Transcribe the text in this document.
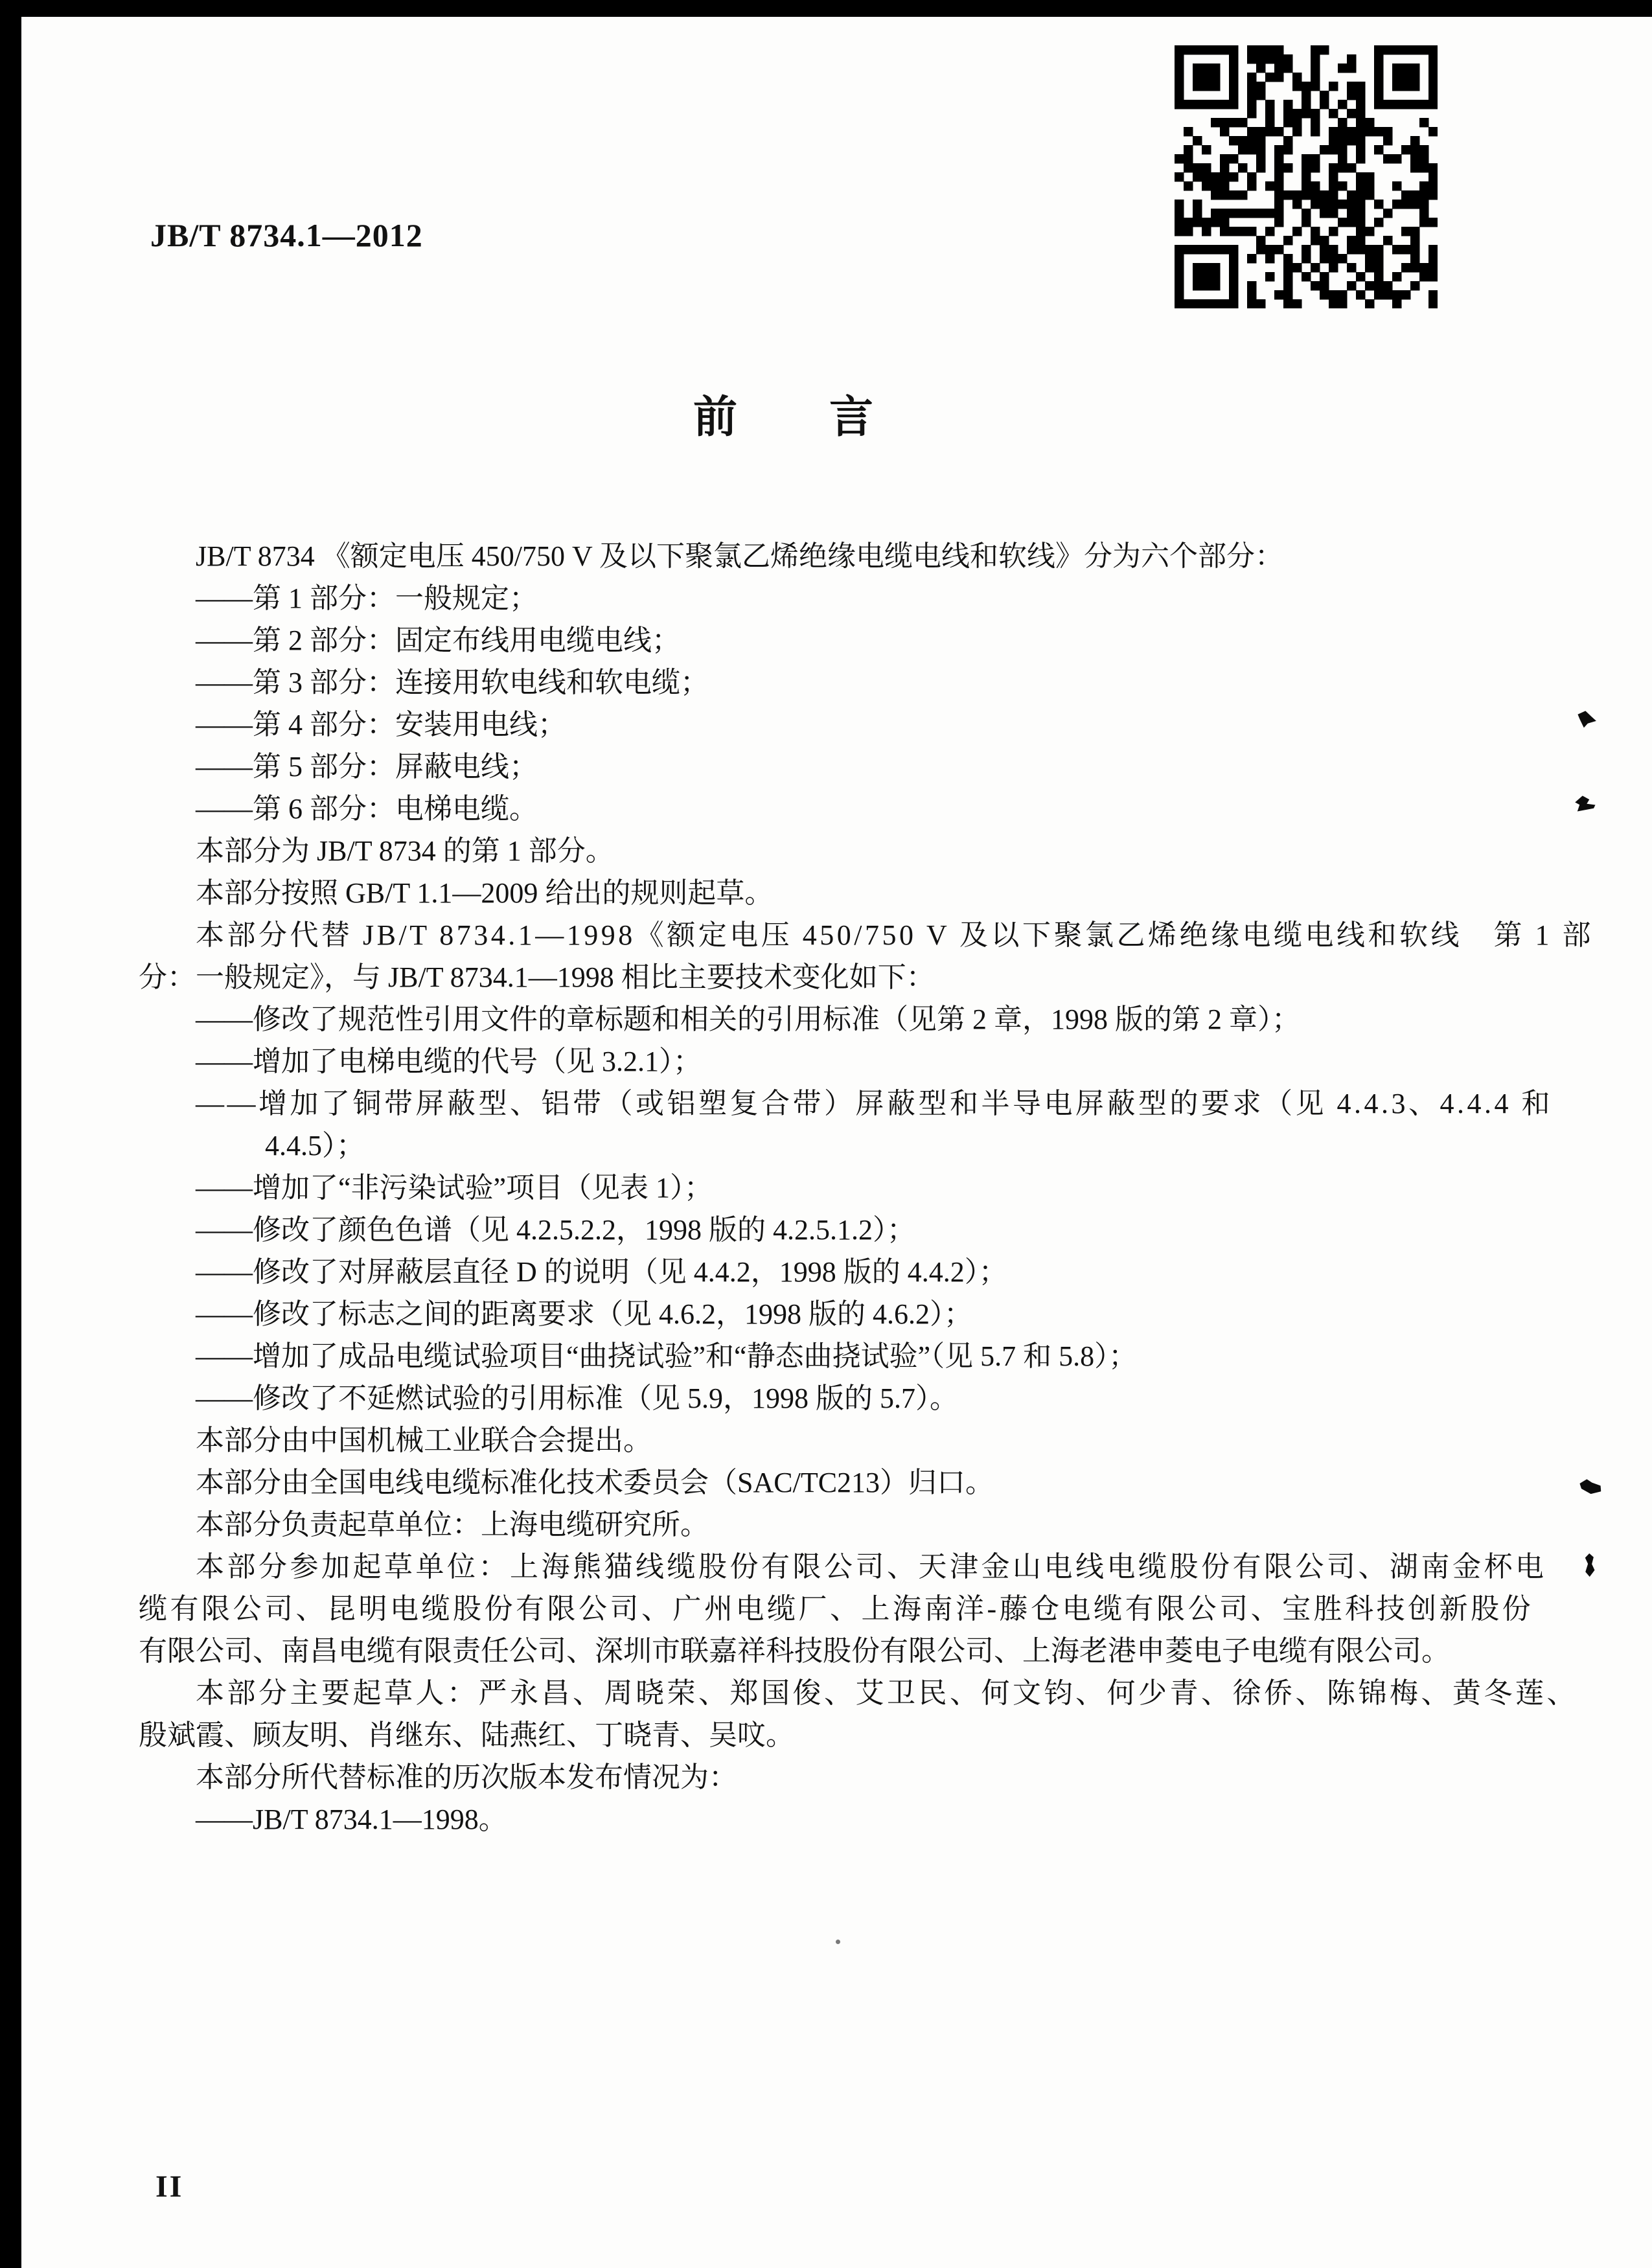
JB/T 8734.1—2012
前　　言

JB/T 8734 《额定电压 450/750 V 及以下聚氯乙烯绝缘电缆电线和软线》分为六个部分：

——第 1 部分：一般规定；

——第 2 部分：固定布线用电缆电线；

——第 3 部分：连接用软电线和软电缆；

——第 4 部分：安装用电线；

——第 5 部分：屏蔽电线；

——第 6 部分：电梯电缆。

本部分为 JB/T 8734 的第 1 部分。

本部分按照 GB/T 1.1—2009 给出的规则起草。

本部分代替 JB/T 8734.1—1998《额定电压 450/750 V 及以下聚氯乙烯绝缘电缆电线和软线　第 1 部

分：一般规定》，与 JB/T 8734.1—1998 相比主要技术变化如下：

——修改了规范性引用文件的章标题和相关的引用标准（见第 2 章，1998 版的第 2 章）；

——增加了电梯电缆的代号（见 3.2.1）；

——增加了铜带屏蔽型、铝带（或铝塑复合带）屏蔽型和半导电屏蔽型的要求（见 4.4.3、4.4.4 和

4.4.5）；

——增加了“非污染试验”项目（见表 1）；

——修改了颜色色谱（见 4.2.5.2.2，1998 版的 4.2.5.1.2）；

——修改了对屏蔽层直径 D 的说明（见 4.4.2，1998 版的 4.4.2）；

——修改了标志之间的距离要求（见 4.6.2，1998 版的 4.6.2）；

——增加了成品电缆试验项目“曲挠试验”和“静态曲挠试验”（见 5.7 和 5.8）；

——修改了不延燃试验的引用标准（见 5.9，1998 版的 5.7）。

本部分由中国机械工业联合会提出。

本部分由全国电线电缆标准化技术委员会（SAC/TC213）归口。

本部分负责起草单位：上海电缆研究所。

本部分参加起草单位：上海熊猫线缆股份有限公司、天津金山电线电缆股份有限公司、湖南金杯电

缆有限公司、昆明电缆股份有限公司、广州电缆厂、上海南洋-藤仓电缆有限公司、宝胜科技创新股份

有限公司、南昌电缆有限责任公司、深圳市联嘉祥科技股份有限公司、上海老港申菱电子电缆有限公司。

本部分主要起草人：严永昌、周晓荣、郑国俊、艾卫民、何文钧、何少青、徐侨、陈锦梅、黄冬莲、

殷斌霞、顾友明、肖继东、陆燕红、丁晓青、吴呅。

本部分所代替标准的历次版本发布情况为：

——JB/T 8734.1—1998。

II
